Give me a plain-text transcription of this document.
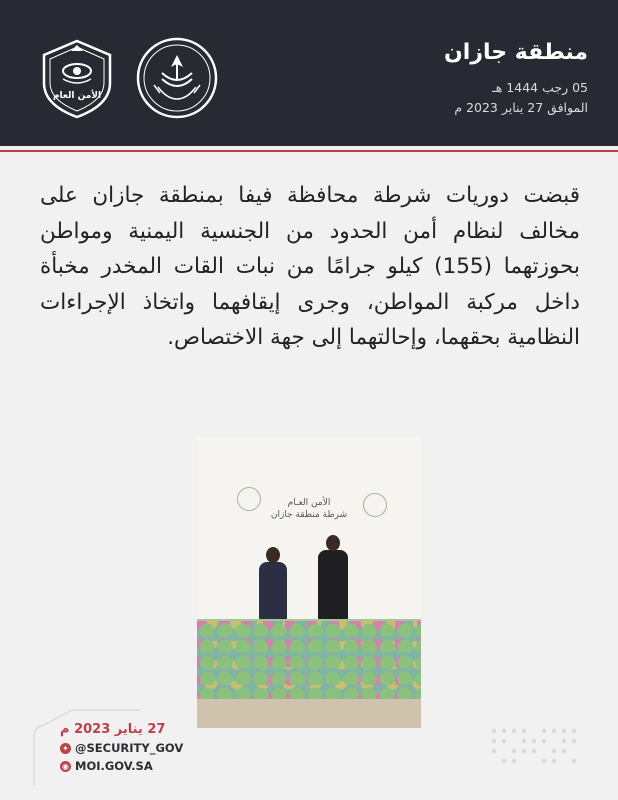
منطقة جازان
05 رجب 1444 هـ
الموافق 27 يناير 2023 م
الأمن العام
قبضت دوريات شرطة محافظة فيفا بمنطقة جازان على مخالف لنظام أمن الحدود من الجنسية اليمنية ومواطن بحوزتهما (155) كيلو جرامًا من نبات القات المخدر مخبأة داخل مركبة المواطن، وجرى إيقافهما واتخاذ الإجراءات النظامية بحقهما، وإحالتهما إلى جهة الاختصاص.
الأمن العـام
شرطة منطقة جازان
27 يناير 2023 م
✦ @SECURITY_GOV
◉ MOI.GOV.SA
